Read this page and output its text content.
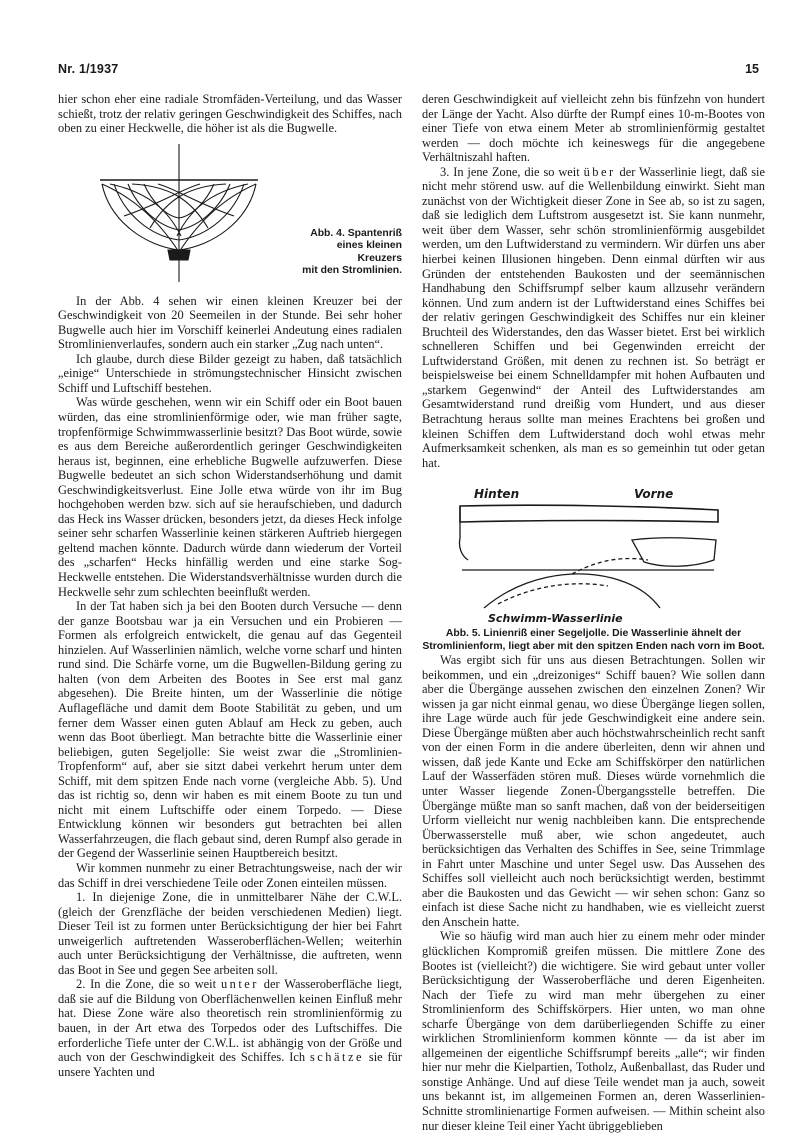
Nr. 1/1937	15

hier schon eher eine radiale Stromfäden-Verteilung, und das Wasser schießt, trotz der relativ geringen Geschwindigkeit des Schiffes, nach oben zu einer Heckwelle, die höher ist als die Bugwelle.

Abb. 4. Spantenriß
eines kleinen
Kreuzers
mit den Stromlinien.

In der Abb. 4 sehen wir einen kleinen Kreuzer bei der Geschwindigkeit von 20 Seemeilen in der Stunde. Bei sehr hoher Bugwelle auch hier im Vorschiff keinerlei Andeutung eines radialen Stromlinienverlaufes, sondern auch ein starker „Zug nach unten“.

Ich glaube, durch diese Bilder gezeigt zu haben, daß tatsächlich „einige“ Unterschiede in strömungstechnischer Hinsicht zwischen Schiff und Luftschiff bestehen.

Was würde geschehen, wenn wir ein Schiff oder ein Boot bauen würden, das eine stromlinienförmige oder, wie man früher sagte, tropfenförmige Schwimmwasserlinie besitzt? Das Boot würde, sowie es aus dem Bereiche außerordentlich geringer Geschwindigkeiten heraus ist, beginnen, eine erhebliche Bugwelle aufzuwerfen. Diese Bugwelle bedeutet an sich schon Widerstandserhöhung und damit Geschwindigkeitsverlust. Eine Jolle etwa würde von ihr im Bug hochgehoben werden bzw. sich auf sie heraufschieben, und dadurch das Heck ins Wasser drücken, besonders jetzt, da dieses Heck infolge seiner sehr scharfen Wasserlinie keinen stärkeren Auftrieb hiergegen geltend machen könnte. Dadurch würde dann wiederum der Vorteil des „scharfen“ Hecks hinfällig werden und eine starke Sog-Heckwelle entstehen. Die Widerstandsverhältnisse wurden durch die Heckwelle sehr zum schlechten beeinflußt werden.

In der Tat haben sich ja bei den Booten durch Versuche — denn der ganze Bootsbau war ja ein Versuchen und ein Probieren — Formen als erfolgreich entwickelt, die genau auf das Gegenteil hinzielen. Auf Wasserlinien nämlich, welche vorne scharf und hinten rund sind. Die Schärfe vorne, um die Bugwellen-Bildung gering zu halten (von dem Arbeiten des Bootes in See erst mal ganz abgesehen). Die Breite hinten, um der Wasserlinie die nötige Auflagefläche und damit dem Boote Stabilität zu geben, und um ferner dem Wasser einen guten Ablauf am Heck zu geben, auch wenn das Boot überliegt. Man betrachte bitte die Wasserlinie einer beliebigen, guten Segeljolle: Sie weist zwar die „Stromlinien-Tropfenform“ auf, aber sie sitzt dabei verkehrt herum unter dem Schiff, mit dem spitzen Ende nach vorne (vergleiche Abb. 5). Und das ist richtig so, denn wir haben es mit einem Boote zu tun und nicht mit einem Luftschiffe oder einem Torpedo. — Diese Entwicklung können wir besonders gut betrachten bei allen Wasserfahrzeugen, die flach gebaut sind, deren Rumpf also gerade in der Gegend der Wasserlinie seinen Hauptbereich besitzt.

Wir kommen nunmehr zu einer Betrachtungsweise, nach der wir das Schiff in drei verschiedene Teile oder Zonen einteilen müssen.

1. In diejenige Zone, die in unmittelbarer Nähe der C.W.L. (gleich der Grenzfläche der beiden verschiedenen Medien) liegt. Dieser Teil ist zu formen unter Berücksichtigung der hier bei Fahrt unweigerlich auftretenden Wasseroberflächen-Wellen; weiterhin auch unter Berücksichtigung der Verhältnisse, die auftreten, wenn das Boot in See und gegen See arbeiten soll.

2. In die Zone, die so weit unter der Wasseroberfläche liegt, daß sie auf die Bildung von Oberflächenwellen keinen Einfluß mehr hat. Diese Zone wäre also theoretisch rein stromlinienförmig zu bauen, in der Art etwa des Torpedos oder des Luftschiffes. Die erforderliche Tiefe unter der C.W.L. ist abhängig von der Größe und auch von der Geschwindigkeit des Schiffes. Ich schätze sie für unsere Yachten und

deren Geschwindigkeit auf vielleicht zehn bis fünfzehn von hundert der Länge der Yacht. Also dürfte der Rumpf eines 10-m-Bootes von einer Tiefe von etwa einem Meter ab stromlinienförmig gestaltet werden — doch möchte ich keineswegs für die angegebene Verhältniszahl haften.

3. In jene Zone, die so weit über der Wasserlinie liegt, daß sie nicht mehr störend usw. auf die Wellenbildung einwirkt. Sieht man zunächst von der Wichtigkeit dieser Zone in See ab, so ist zu sagen, daß sie lediglich dem Luftstrom ausgesetzt ist. Sie kann nunmehr, weit über dem Wasser, sehr schön stromlinienförmig ausgebildet werden, um den Luftwiderstand zu vermindern. Wir dürfen uns aber hierbei keinen Illusionen hingeben. Denn einmal dürften wir aus Gründen der entstehenden Baukosten und der seemännischen Handhabung den Schiffsrumpf selber kaum allzusehr verändern können. Und zum andern ist der Luftwiderstand eines Schiffes bei der relativ geringen Geschwindigkeit des Schiffes nur ein kleiner Bruchteil des Widerstandes, den das Wasser bietet. Erst bei wirklich schnelleren Schiffen und bei Gegenwinden erreicht der Luftwiderstand Größen, mit denen zu rechnen ist. So beträgt er beispielsweise bei einem Schnelldampfer mit hohen Aufbauten und „starkem Gegenwind“ der Anteil des Luftwiderstandes am Gesamtwiderstand rund dreißig vom Hundert, und aus dieser Betrachtung heraus sollte man meines Erachtens bei großen und kleinen Schiffen dem Luftwiderstand doch wohl etwas mehr Aufmerksamkeit schenken, als man es so gemeinhin tut oder getan hat.

Hinten	Vorne
Schwimm-Wasserlinie

Abb. 5. Linienriß einer Segeljolle. Die Wasserlinie ähnelt der Stromlinienform, liegt aber mit den spitzen Enden nach vorn im Boot.

Was ergibt sich für uns aus diesen Betrachtungen. Sollen wir beikommen, und ein „dreizoniges“ Schiff bauen? Wie sollen dann aber die Übergänge aussehen zwischen den einzelnen Zonen? Wir wissen ja gar nicht einmal genau, wo diese Übergänge liegen sollen, ihre Lage würde auch für jede Geschwindigkeit eine andere sein. Diese Übergänge müßten aber auch höchstwahrscheinlich recht sanft von der einen Form in die andere überleiten, denn wir ahnen und wissen, daß jede Kante und Ecke am Schiffskörper den natürlichen Lauf der Wasserfäden stören muß. Dieses würde vornehmlich die unter Wasser liegende Zonen-Übergangsstelle betreffen. Die Übergänge müßte man so sanft machen, daß von der beiderseitigen Urform vielleicht nur wenig nachbleiben kann. Die entsprechende Überwasserstelle muß aber, wie schon angedeutet, auch berücksichtigen das Verhalten des Schiffes in See, seine Trimmlage in Fahrt unter Maschine und unter Segel usw. Das Aussehen des Schiffes soll vielleicht auch noch berücksichtigt werden, bestimmt aber die Baukosten und das Gewicht — wir sehen schon: Ganz so einfach ist diese Sache nicht zu handhaben, wie es vielleicht zuerst den Anschein hatte.

Wie so häufig wird man auch hier zu einem mehr oder minder glücklichen Kompromiß greifen müssen. Die mittlere Zone des Bootes ist (vielleicht?) die wichtigere. Sie wird gebaut unter voller Berücksichtigung der Wasseroberfläche und deren Eigenheiten. Nach der Tiefe zu wird man mehr übergehen zu einer Stromlinienform des Schiffskörpers. Hier unten, wo man ohne scharfe Übergänge von dem darüberliegenden Schiffe zu einer wirklichen Stromlinienform kommen könnte — da ist aber im allgemeinen der eigentliche Schiffsrumpf bereits „alle“; wir finden hier nur mehr die Kielpartien, Totholz, Außenballast, das Ruder und sonstige Anhänge. Und auf diese Teile wendet man ja auch, soweit uns bekannt ist, im allgemeinen Formen an, deren Wasserlinien-Schnitte stromlinienartige Formen aufweisen. — Mithin scheint also nur dieser kleine Teil einer Yacht übriggeblieben
